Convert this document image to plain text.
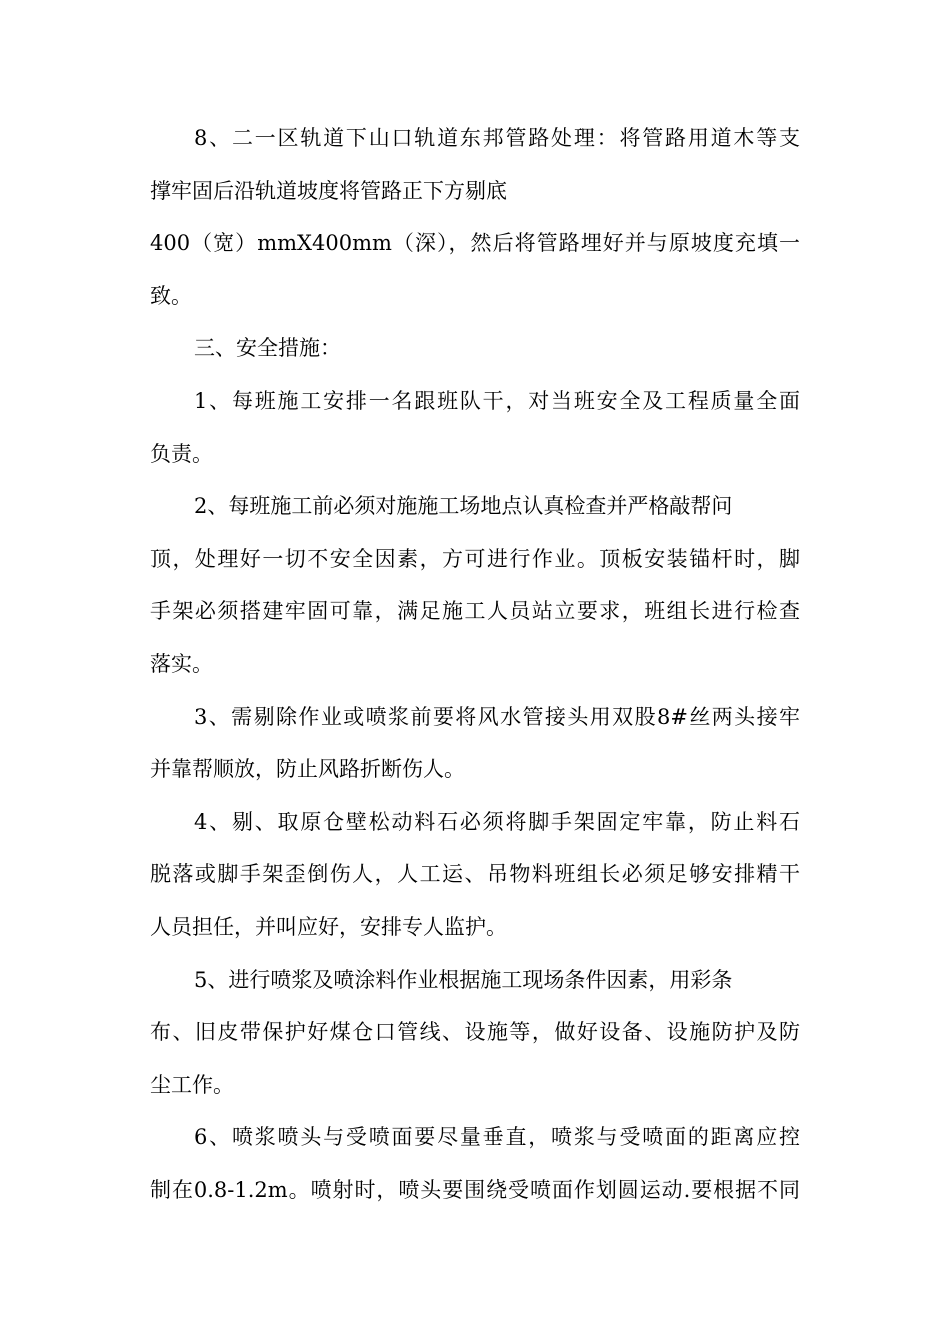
8、二一区轨道下山口轨道东邦管路处理：将管路用道木等支
撑牢固后沿轨道坡度将管路正下方剔底
400（宽）mmX400mm（深），然后将管路埋好并与原坡度充填一
致。
三、安全措施：
1、每班施工安排一名跟班队干，对当班安全及工程质量全面
负责。
2、每班施工前必须对施施工场地点认真检查并严格敲帮问
顶，处理好一切不安全因素，方可进行作业。顶板安装锚杆时，脚
手架必须搭建牢固可靠，满足施工人员站立要求，班组长进行检查
落实。
3、需剔除作业或喷浆前要将风水管接头用双股8#丝两头接牢
并靠帮顺放，防止风路折断伤人。
4、剔、取原仓壁松动料石必须将脚手架固定牢靠，防止料石
脱落或脚手架歪倒伤人，人工运、吊物料班组长必须足够安排精干
人员担任，并叫应好，安排专人监护。
5、进行喷浆及喷涂料作业根据施工现场条件因素，用彩条
布、旧皮带保护好煤仓口管线、设施等，做好设备、设施防护及防
尘工作。
6、喷浆喷头与受喷面要尽量垂直，喷浆与受喷面的距离应控
制在0.8-1.2m。喷射时，喷头要围绕受喷面作划圆运动.要根据不同
